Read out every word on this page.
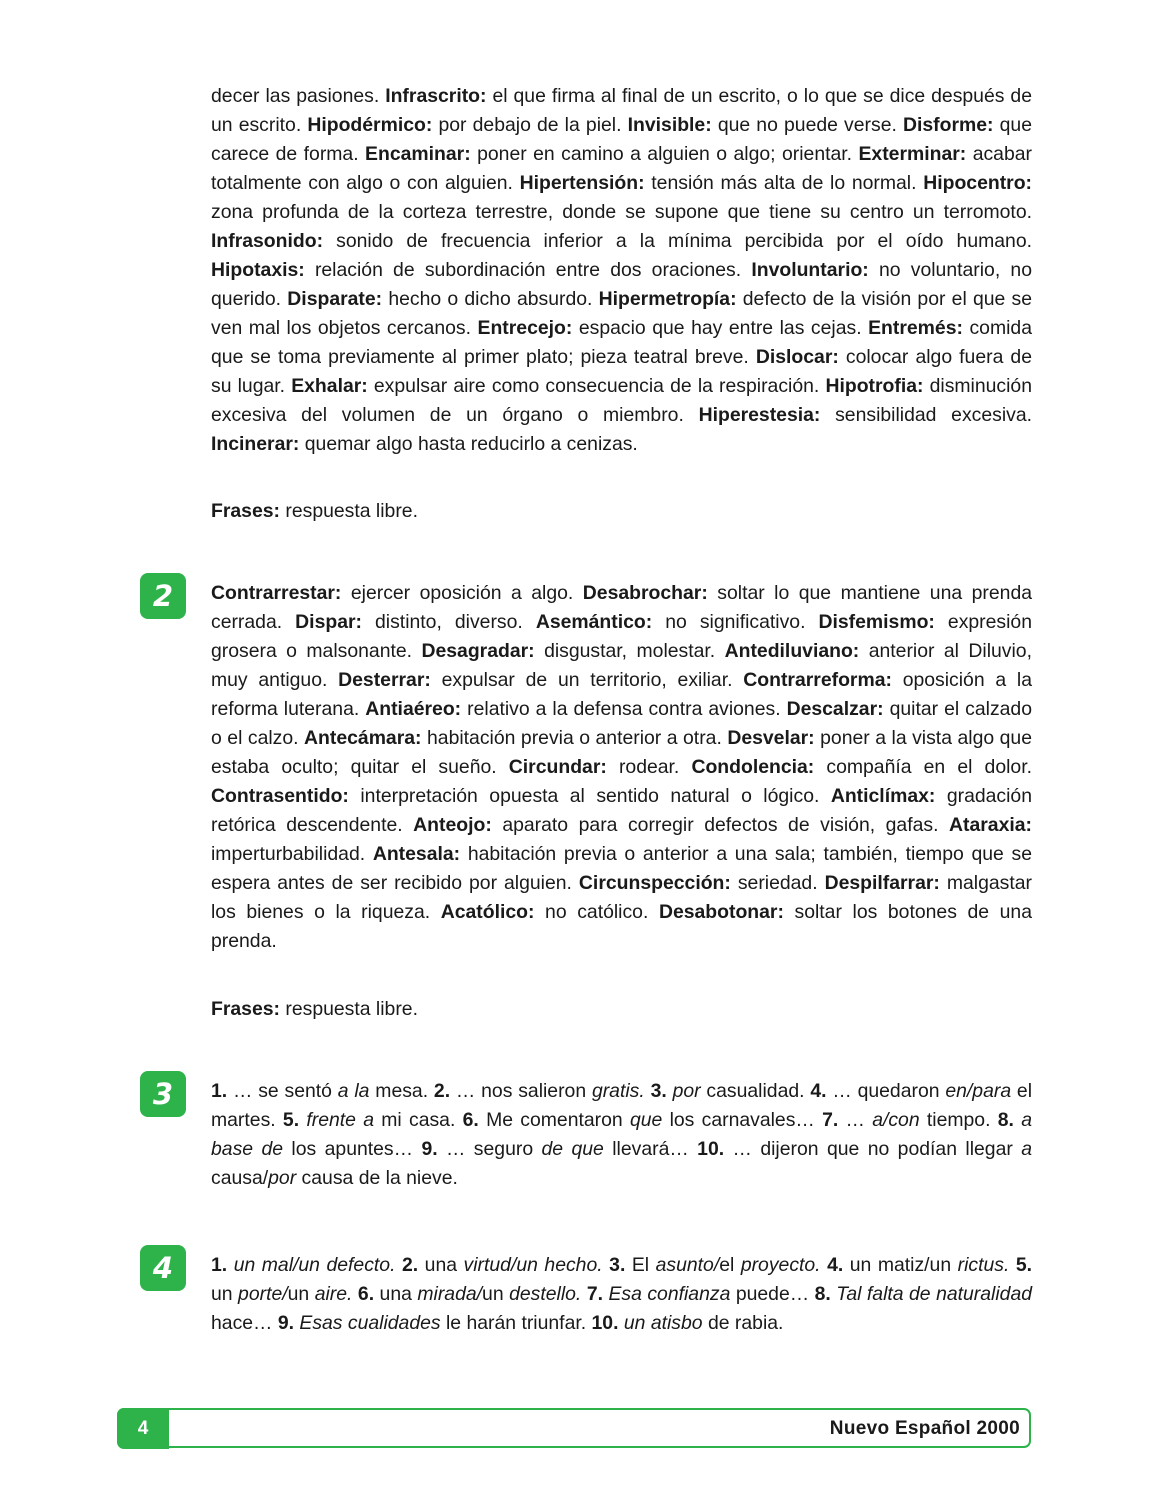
decer las pasiones. Infrascrito: el que firma al final de un escrito, o lo que se dice después de un escrito. Hipodérmico: por debajo de la piel. Invisible: que no puede verse. Disforme: que carece de forma. Encaminar: poner en camino a alguien o algo; orientar. Exterminar: acabar totalmente con algo o con alguien. Hipertensión: tensión más alta de lo normal. Hipocentro: zona profunda de la corteza terrestre, donde se supone que tiene su centro un terromoto. Infrasonido: sonido de frecuencia inferior a la mínima percibida por el oído humano. Hipotaxis: relación de subordinación entre dos oraciones. Involuntario: no voluntario, no querido. Disparate: hecho o dicho absurdo. Hipermetropía: defecto de la visión por el que se ven mal los objetos cercanos. Entrecejo: espacio que hay entre las cejas. Entremés: comida que se toma previamente al primer plato; pieza teatral breve. Dislocar: colocar algo fuera de su lugar. Exhalar: expulsar aire como consecuencia de la respiración. Hipotrofia: disminución excesiva del volumen de un órgano o miembro. Hiperestesia: sensibilidad excesiva. Incinerar: quemar algo hasta reducirlo a cenizas.

Frases: respuesta libre.

2	Contrarrestar: ejercer oposición a algo. Desabrochar: soltar lo que mantiene una prenda cerrada. Dispar: distinto, diverso. Asemántico: no significativo. Disfemismo: expresión grosera o malsonante. Desagradar: disgustar, molestar. Antediluviano: anterior al Diluvio, muy antiguo. Desterrar: expulsar de un territorio, exiliar. Contrarreforma: oposición a la reforma luterana. Antiaéreo: relativo a la defensa contra aviones. Descalzar: quitar el calzado o el calzo. Antecámara: habitación previa o anterior a otra. Desvelar: poner a la vista algo que estaba oculto; quitar el sueño. Circundar: rodear. Condolencia: compañía en el dolor. Contrasentido: interpretación opuesta al sentido natural o lógico. Anticlímax: gradación retórica descendente. Anteojo: aparato para corregir defectos de visión, gafas. Ataraxia: imperturbabilidad. Antesala: habitación previa o anterior a una sala; también, tiempo que se espera antes de ser recibido por alguien. Circunspección: seriedad. Despilfarrar: malgastar los bienes o la riqueza. Acatólico: no católico. Desabotonar: soltar los botones de una prenda.

Frases: respuesta libre.

3	1. … se sentó a la mesa. 2. … nos salieron gratis. 3. por casualidad. 4. … quedaron en/para el martes. 5. frente a mi casa. 6. Me comentaron que los carnavales… 7. … a/con tiempo. 8. a base de los apuntes… 9. … seguro de que llevará… 10. … dijeron que no podían llegar a causa/por causa de la nieve.

4	1. un mal/un defecto. 2. una virtud/un hecho. 3. El asunto/el proyecto. 4. un matiz/un rictus. 5. un porte/un aire. 6. una mirada/un destello. 7. Esa confianza puede… 8. Tal falta de naturalidad hace… 9. Esas cualidades le harán triunfar. 10. un atisbo de rabia.

4	Nuevo Español 2000
